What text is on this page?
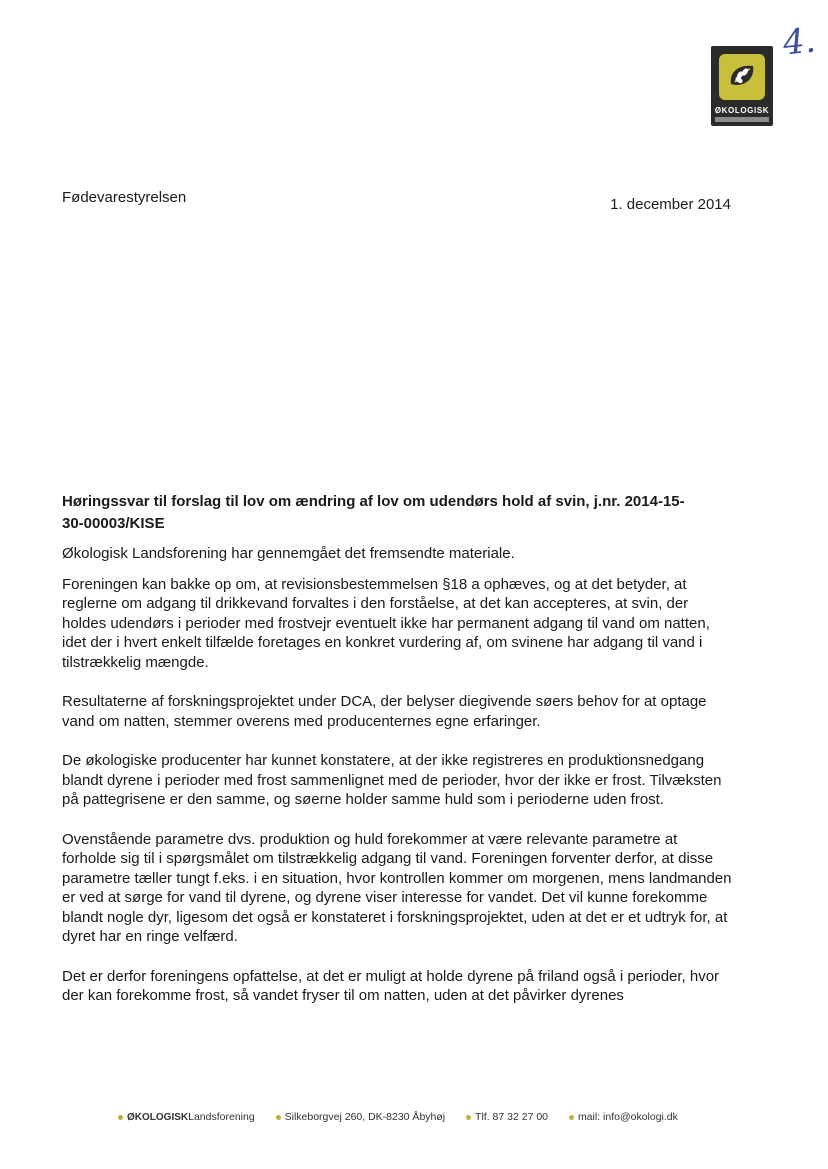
4.
ØKOLOGISK
Fødevarestyrelsen	1. december 2014
Høringssvar til forslag til lov om ændring af lov om udendørs hold af svin, j.nr. 2014-15-30-00003/KISE

Økologisk Landsforening har gennemgået det fremsendte materiale.

Foreningen kan bakke op om, at revisionsbestemmelsen §18 a ophæves, og at det betyder, at reglerne om adgang til drikkevand forvaltes i den forståelse, at det kan accepteres, at svin, der holdes udendørs i perioder med frostvejr eventuelt ikke har permanent adgang til vand om natten, idet der i hvert enkelt tilfælde foretages en konkret vurdering af, om svinene har adgang til vand i tilstrækkelig mængde.

Resultaterne af forskningsprojektet under DCA, der belyser diegivende søers behov for at optage vand om natten, stemmer overens med producenternes egne erfaringer.

De økologiske producenter har kunnet konstatere, at der ikke registreres en produktionsnedgang blandt dyrene i perioder med frost sammenlignet med de perioder, hvor der ikke er frost. Tilvæksten på pattegrisene er den samme, og søerne holder samme huld som i perioderne uden frost.

Ovenstående parametre dvs. produktion og huld forekommer at være relevante parametre at forholde sig til i spørgsmålet om tilstrækkelig adgang til vand. Foreningen forventer derfor, at disse parametre tæller tungt f.eks. i en situation, hvor kontrollen kommer om morgenen, mens landmanden er ved at sørge for vand til dyrene, og dyrene viser interesse for vandet. Det vil kunne forekomme blandt nogle dyr, ligesom det også er konstateret i forskningsprojektet, uden at det er et udtryk for, at dyret har en ringe velfærd.

Det er derfor foreningens opfattelse, at det er muligt at holde dyrene på friland også i perioder, hvor der kan forekomme frost, så vandet fryser til om natten, uden at det påvirker dyrenes

ØKOLOGISKLandsforening	Silkeborgvej 260, DK-8230 Åbyhøj	Tlf. 87 32 27 00	mail: info@okologi.dk
